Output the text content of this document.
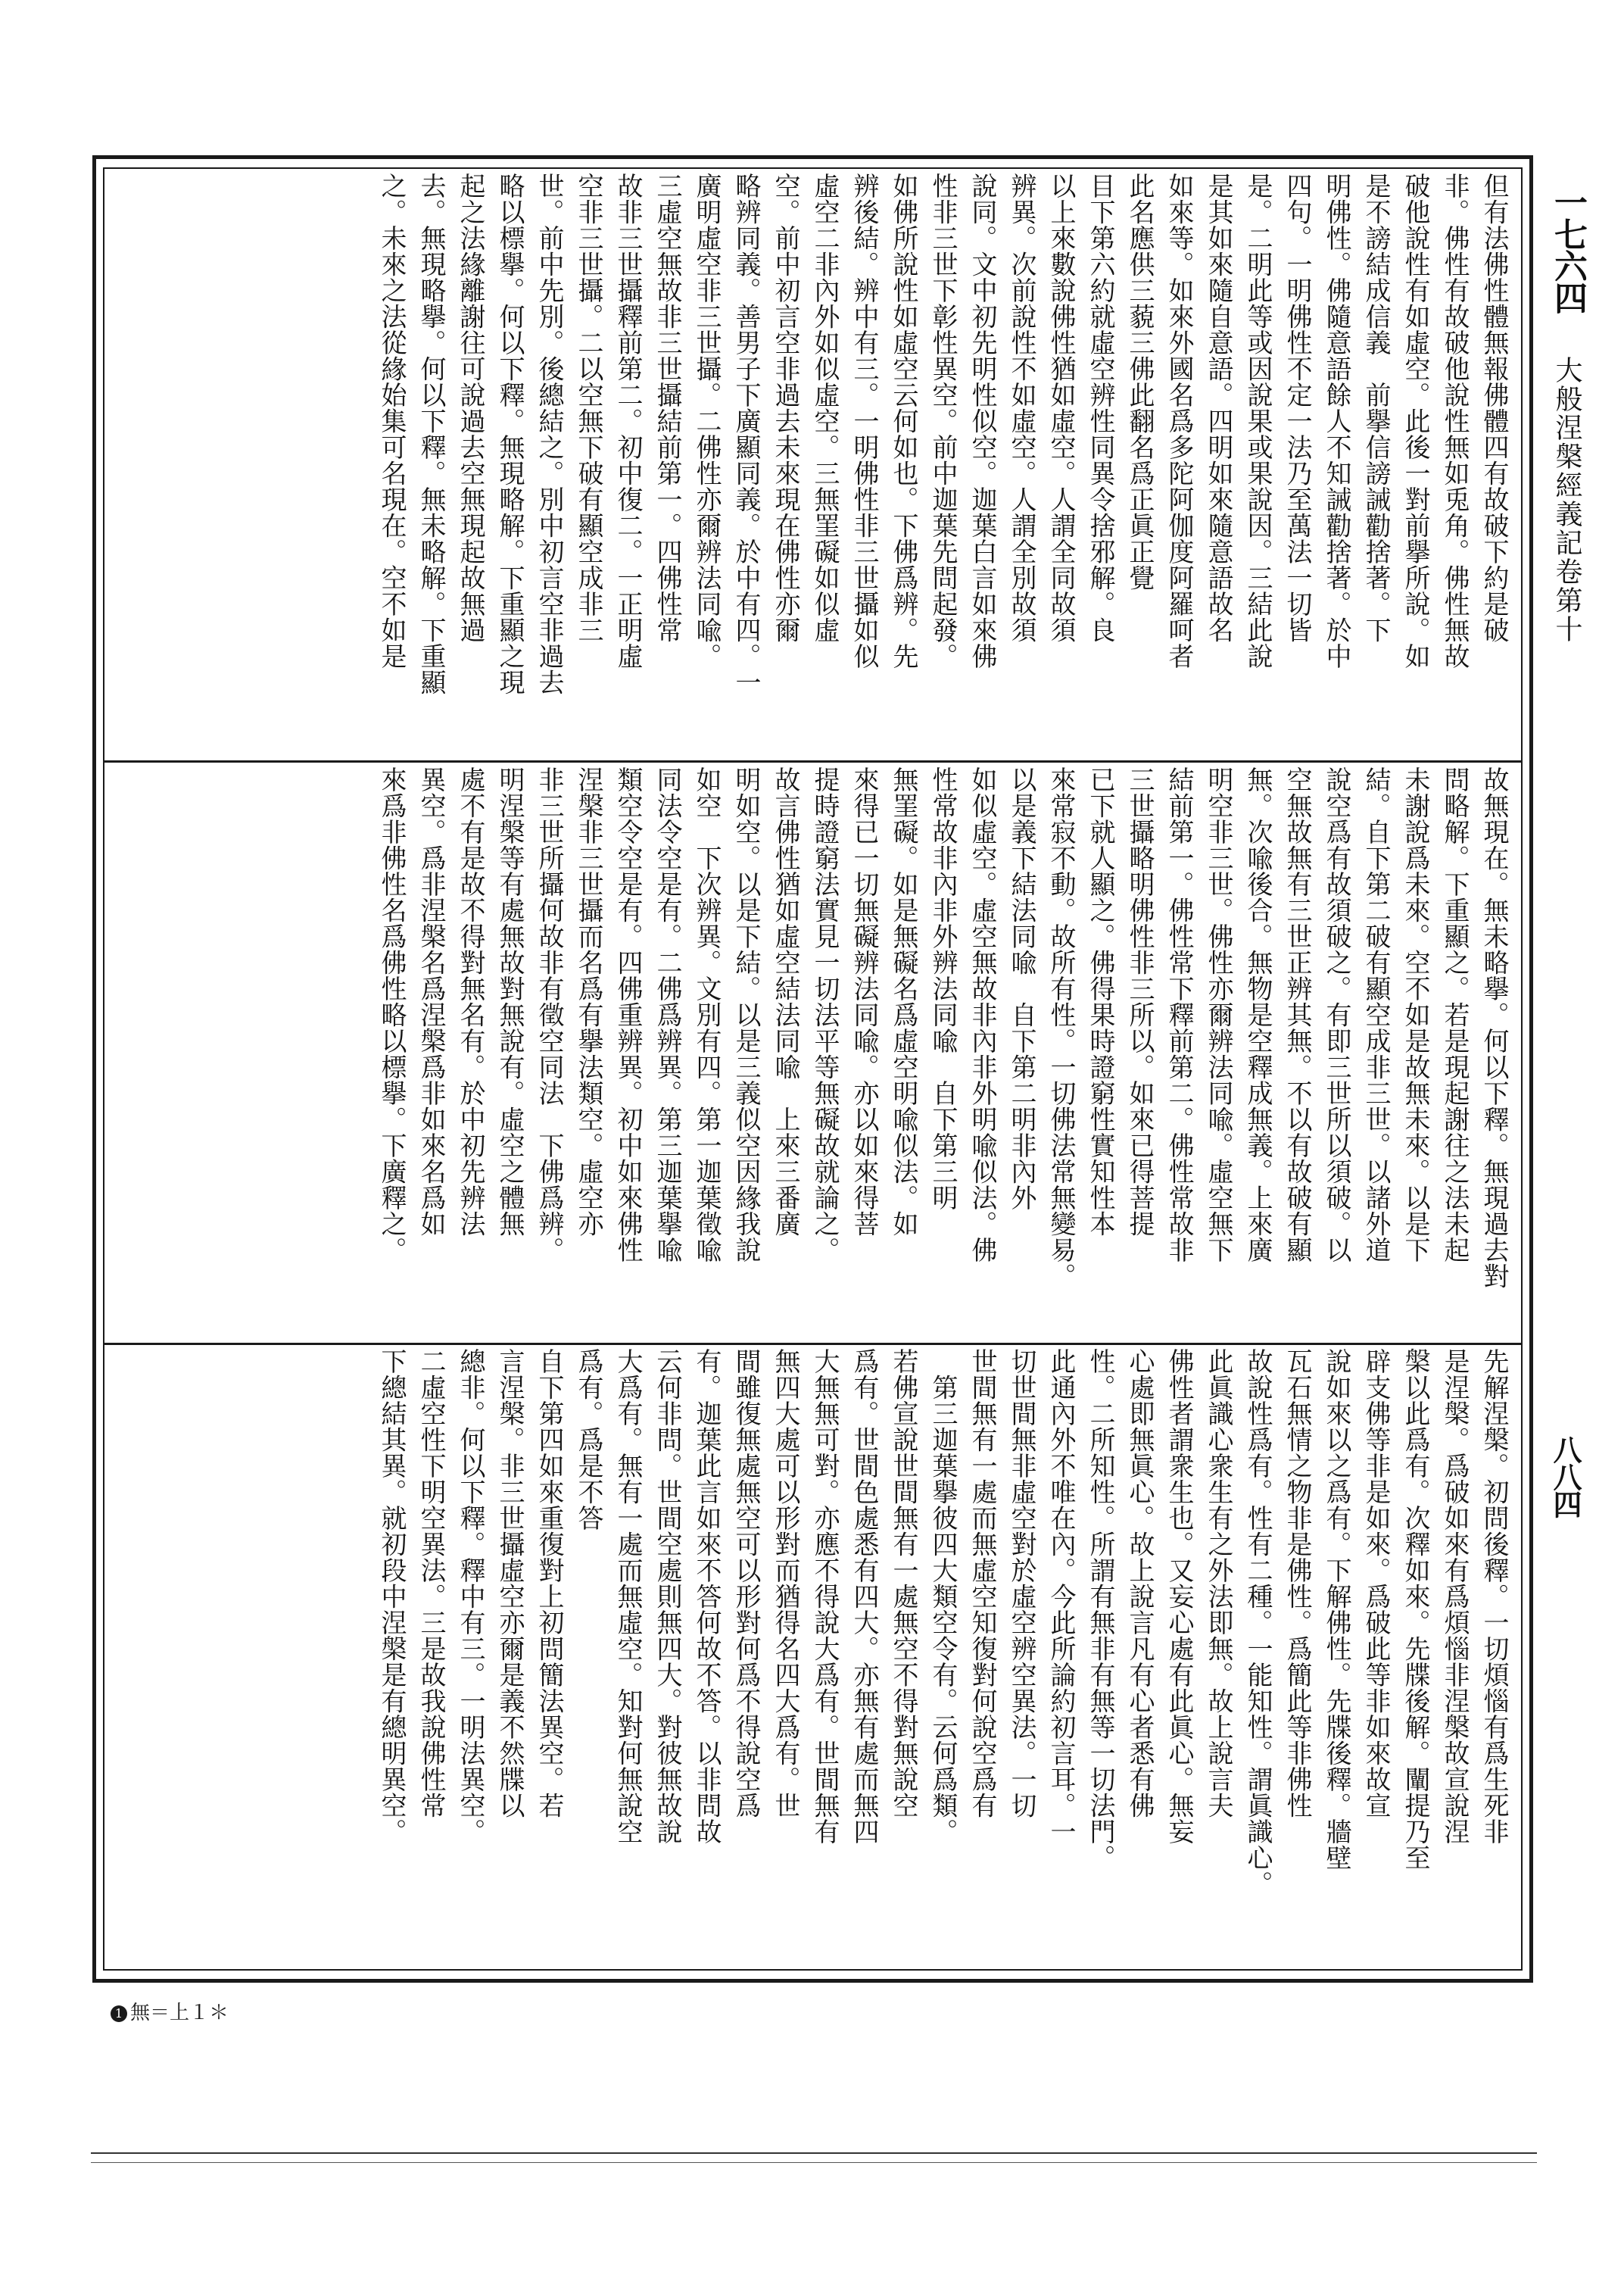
一七六四
大般涅槃經義記卷第十
八八四
但有法佛性體無報佛體四有故破下約是破
非。佛性有故破他說性無如兎角。佛性無故
破他說性有如虛空。此後一對前擧所說。如
是不謗結成信義　前擧信謗誡勸捨著。下
明佛性。佛隨意語餘人不知誡勸捨著。於中
四句。一明佛性不定一法乃至萬法一切皆
是。二明此等或因說果或果說因。三結此說
是其如來隨自意語。四明如來隨意語故名
如來等。如來外國名爲多陀阿伽度阿羅呵者
此名應供三藐三佛此翻名爲正眞正覺
目下第六約就虛空辨性同異令捨邪解。良
以上來數說佛性猶如虛空。人謂全同故須
辨異。次前說性不如虛空。人謂全別故須
說同。文中初先明性似空。迦葉白言如來佛
性非三世下彰性異空。前中迦葉先問起發。
如佛所說性如虛空云何如也。下佛爲辨。先
辨後結。辨中有三。一明佛性非三世攝如似
虛空二非內外如似虛空。三無罣礙如似虛
空。前中初言空非過去未來現在佛性亦爾
略辨同義。善男子下廣顯同義。於中有四。一
廣明虛空非三世攝。二佛性亦爾辨法同喩。
三虛空無故非三世攝結前第一。四佛性常
故非三世攝釋前第二。初中復二。一正明虛
空非三世攝。二以空無下破有顯空成非三
世。前中先別。後總結之。別中初言空非過去
略以標擧。何以下釋。無現略解。下重顯之現
起之法緣離謝往可說過去空無現起故無過
去。無現略擧。何以下釋。無未略解。下重顯
之。未來之法從緣始集可名現在。空不如是
故無現在。無未略擧。何以下釋。無現過去對
問略解。下重顯之。若是現起謝往之法未起
未謝說爲未來。空不如是故無未來。以是下
結。自下第二破有顯空成非三世。以諸外道
說空爲有故須破之。有即三世所以須破。以
空無故無有三世正辨其無。不以有故破有顯
無。次喩後合。無物是空釋成無義。上來廣
明空非三世。佛性亦爾辨法同喩。虛空無下
結前第一。佛性常下釋前第二。佛性常故非
三世攝略明佛性非三所以。如來已得菩提
已下就人顯之。佛得果時證窮性實知性本
來常寂不動。故所有性。一切佛法常無變易。
以是義下結法同喩　自下第二明非內外
如似虛空。虛空無故非內非外明喩似法。佛
性常故非內非外辨法同喩　自下第三明
無罣礙。如是無礙名爲虛空明喩似法。如
來得已一切無礙辨法同喩。亦以如來得菩
提時證窮法實見一切法平等無礙故就論之。
故言佛性猶如虛空結法同喩　上來三番廣
明如空。以是下結。以是三義似空因緣我說
如空　下次辨異。文別有四。第一迦葉徵喩
同法令空是有。二佛爲辨異。第三迦葉擧喩
類空令空是有。四佛重辨異。初中如來佛性
涅槃非三世攝而名爲有擧法類空。虛空亦
非三世所攝何故非有徵空同法　下佛爲辨。
明涅槃等有處無故對無說有。虛空之體無
處不有是故不得對無名有。於中初先辨法
異空。爲非涅槃名爲涅槃爲非如來名爲如
來爲非佛性名爲佛性略以標擧。下廣釋之。
先解涅槃。初問後釋。一切煩惱有爲生死非
是涅槃。爲破如來有爲煩惱非涅槃故宣說涅
槃以此爲有。次釋如來。先牒後解。闡提乃至
辟支佛等非是如來。爲破此等非如來故宣
說如來以之爲有。下解佛性。先牒後釋。牆壁
瓦石無情之物非是佛性。爲簡此等非佛性
故說性爲有。性有二種。一能知性。謂眞識心。
此眞識心衆生有之外法即無。故上說言夫
佛性者謂衆生也。又妄心處有此眞心。無妄
心處即無眞心。故上說言凡有心者悉有佛
性。二所知性。所謂有無非有無等一切法門。
此通內外不唯在內。今此所論約初言耳。一
切世間無非虛空對於虛空辨空異法。一切
世間無有一處而無虛空知復對何說空爲有
　第三迦葉擧彼四大類空令有。云何爲類。
若佛宣說世間無有一處無空不得對無說空
爲有。世間色處悉有四大。亦無有處而無四
大無無可對。亦應不得說大爲有。世間無有
無四大處可以形對而猶得名四大爲有。世
間雖復無處無空可以形對何爲不得說空爲
有。迦葉此言如來不答何故不答。以非問故
云何非問。世間空處則無四大。對彼無故說
大爲有。無有一處而無虛空。知對何無說空
爲有。爲是不答
自下第四如來重復對上初問簡法異空。若
言涅槃。非三世攝虛空亦爾是義不然牒以
總非。何以下釋。釋中有三。一明法異空。
二虛空性下明空異法。三是故我說佛性常
下總結其異。就初段中涅槃是有總明異空。
1 無＝上１＊
